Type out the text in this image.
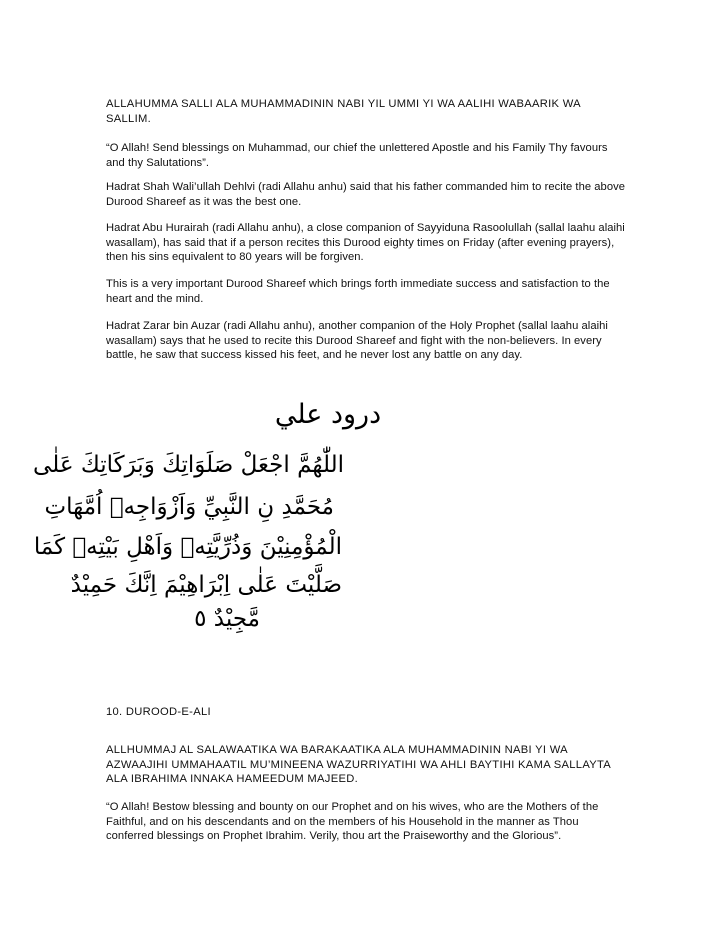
ALLAHUMMA SALLI ALA MUHAMMADININ NABI YIL UMMI YI WA AALIHI WABAARIK WA SALLIM.

“O Allah! Send blessings on Muhammad, our chief the unlettered Apostle and his Family Thy favours and thy Salutations”.

Hadrat Shah Wali’ullah Dehlvi (radi Allahu anhu) said that his father commanded him to recite the above Durood Shareef as it was the best one.

Hadrat Abu Hurairah (radi Allahu anhu), a close companion of Sayyiduna Rasoolullah (sallal laahu alaihi wasallam), has said that if a person recites this Durood eighty times on Friday (after evening prayers), then his sins equivalent to 80 years will be forgiven.

This is a very important Durood Shareef which brings forth immediate success and satisfaction to the heart and the mind.

Hadrat Zarar bin Auzar (radi Allahu anhu), another companion of the Holy Prophet (sallal laahu alaihi wasallam) says that he used to recite this Durood Shareef and fight with the non-believers. In every battle, he saw that success kissed his feet, and he never lost any battle on any day.

درود علي
اللّٰهُمَّ اجْعَلْ صَلَوَاتِكَ وَبَرَكَاتِكَ عَلٰى
مُحَمَّدِ نِ النَّبِيِّ وَاَزْوَاجِهٖ اُمَّهَاتِ
الْمُؤْمِنِيْنَ وَذُرِّيَّتِهٖ وَاَهْلِ بَيْتِهٖ كَمَا
صَلَّيْتَ عَلٰى اِبْرَاهِيْمَ اِنَّكَ حَمِيْدٌ
مَّجِيْدٌ ٥

10. DUROOD-E-ALI

ALLHUMMAJ AL SALAWAATIKA WA BARAKAATIKA ALA MUHAMMADININ NABI YI WA AZWAAJIHI UMMAHAATIL MU’MINEENA WAZURRIYATIHI WA AHLI BAYTIHI KAMA SALLAYTA ALA IBRAHIMA INNAKA HAMEEDUM MAJEED.

“O Allah! Bestow blessing and bounty on our Prophet and on his wives, who are the Mothers of the Faithful, and on his descendants and on the members of his Household in the manner as Thou conferred blessings on Prophet Ibrahim. Verily, thou art the Praiseworthy and the Glorious”.
